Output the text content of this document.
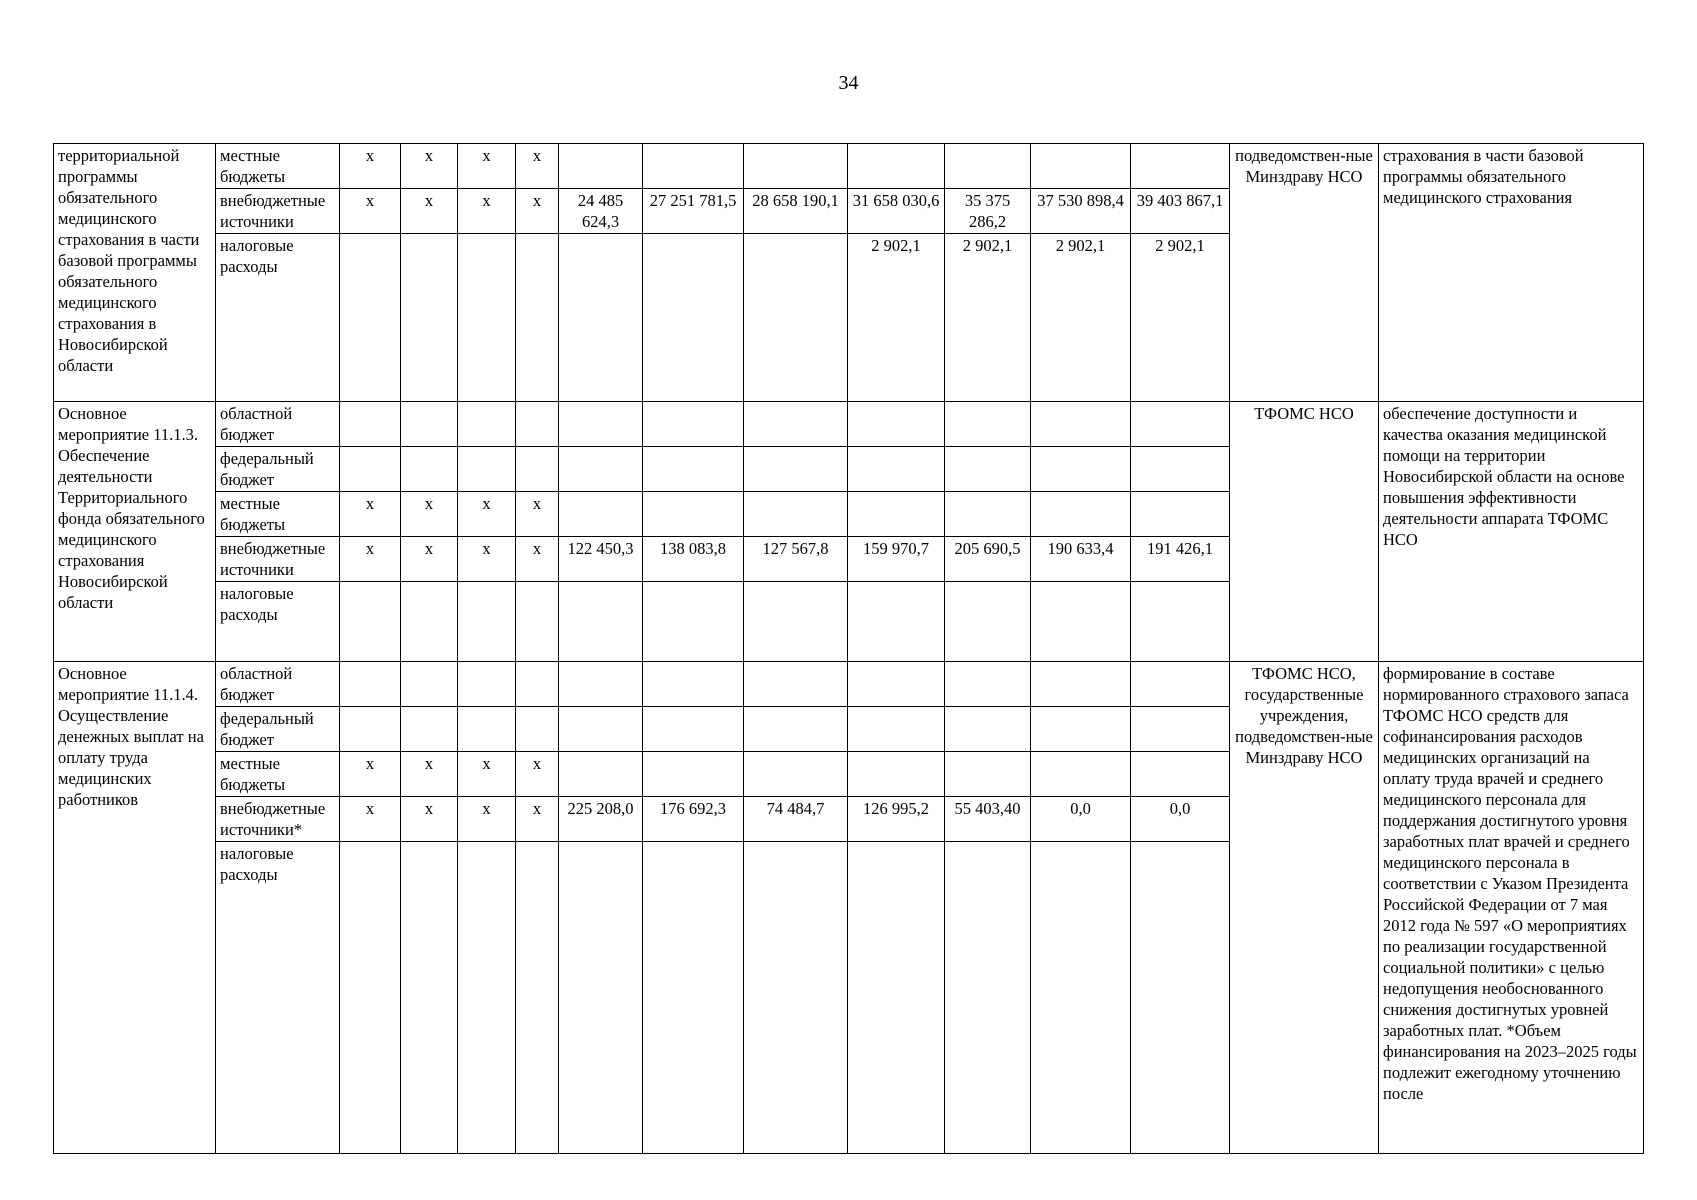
34
территориальной программы обязательного медицинского страхования в части базовой программы обязательного медицинского страхования в Новосибирской области	местные бюджеты	x	x	x	x								подведомствен-ные Минздраву НСО	страхования в части базовой программы обязательного медицинского страхования
	внебюджетные источники	x	x	x	x	24 485 624,3	27 251 781,5	28 658 190,1	31 658 030,6	35 375 286,2	37 530 898,4	39 403 867,1		
	налоговые расходы								2 902,1	2 902,1	2 902,1	2 902,1		
Основное мероприятие 11.1.3. Обеспечение деятельности Территориального фонда обязательного медицинского страхования Новосибирской области	областной бюджет												ТФОМС НСО	обеспечение доступности и качества оказания медицинской помощи на территории Новосибирской области на основе повышения эффективности деятельности аппарата ТФОМС НСО
	федеральный бюджет													
	местные бюджеты	x	x	x	x									
	внебюджетные источники	x	x	x	x	122 450,3	138 083,8	127 567,8	159 970,7	205 690,5	190 633,4	191 426,1		
	налоговые расходы													
Основное мероприятие 11.1.4. Осуществление денежных выплат на оплату труда медицинских работников	областной бюджет												ТФОМС НСО, государственные учреждения, подведомствен-ные Минздраву НСО	формирование в составе нормированного страхового запаса ТФОМС НСО средств для софинансирования расходов медицинских организаций на оплату труда врачей и среднего медицинского персонала для поддержания достигнутого уровня заработных плат врачей и среднего медицинского персонала в соответствии с Указом Президента Российской Федерации от 7 мая 2012 года № 597 «О мероприятиях по реализации государственной социальной политики» с целью недопущения необоснованного снижения достигнутых уровней заработных плат. *Объем финансирования на 2023–2025 годы подлежит ежегодному уточнению после
	федеральный бюджет													
	местные бюджеты	x	x	x	x									
	внебюджетные источники*	x	x	x	x	225 208,0	176 692,3	74 484,7	126 995,2	55 403,40	0,0	0,0		
	налоговые расходы													
